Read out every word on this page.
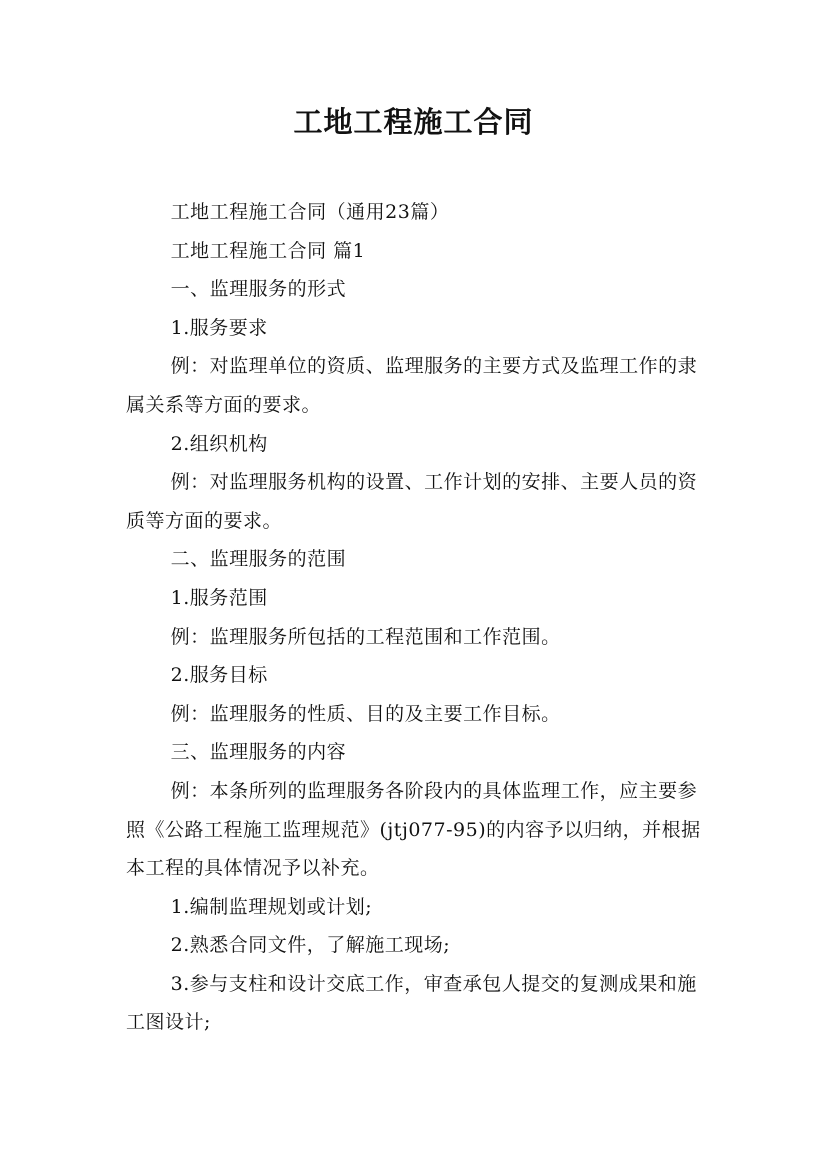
工地工程施工合同

工地工程施工合同（通用23篇）

工地工程施工合同 篇1

一、监理服务的形式

1.服务要求

例：对监理单位的资质、监理服务的主要方式及监理工作的隶属关系等方面的要求。

2.组织机构

例：对监理服务机构的设置、工作计划的安排、主要人员的资质等方面的要求。

二、监理服务的范围

1.服务范围

例：监理服务所包括的工程范围和工作范围。

2.服务目标

例：监理服务的性质、目的及主要工作目标。

三、监理服务的内容

例：本条所列的监理服务各阶段内的具体监理工作，应主要参照《公路工程施工监理规范》(jtj077-95)的内容予以归纳，并根据本工程的具体情况予以补充。

1.编制监理规划或计划;

2.熟悉合同文件，了解施工现场;

3.参与支柱和设计交底工作，审查承包人提交的复测成果和施工图设计;
